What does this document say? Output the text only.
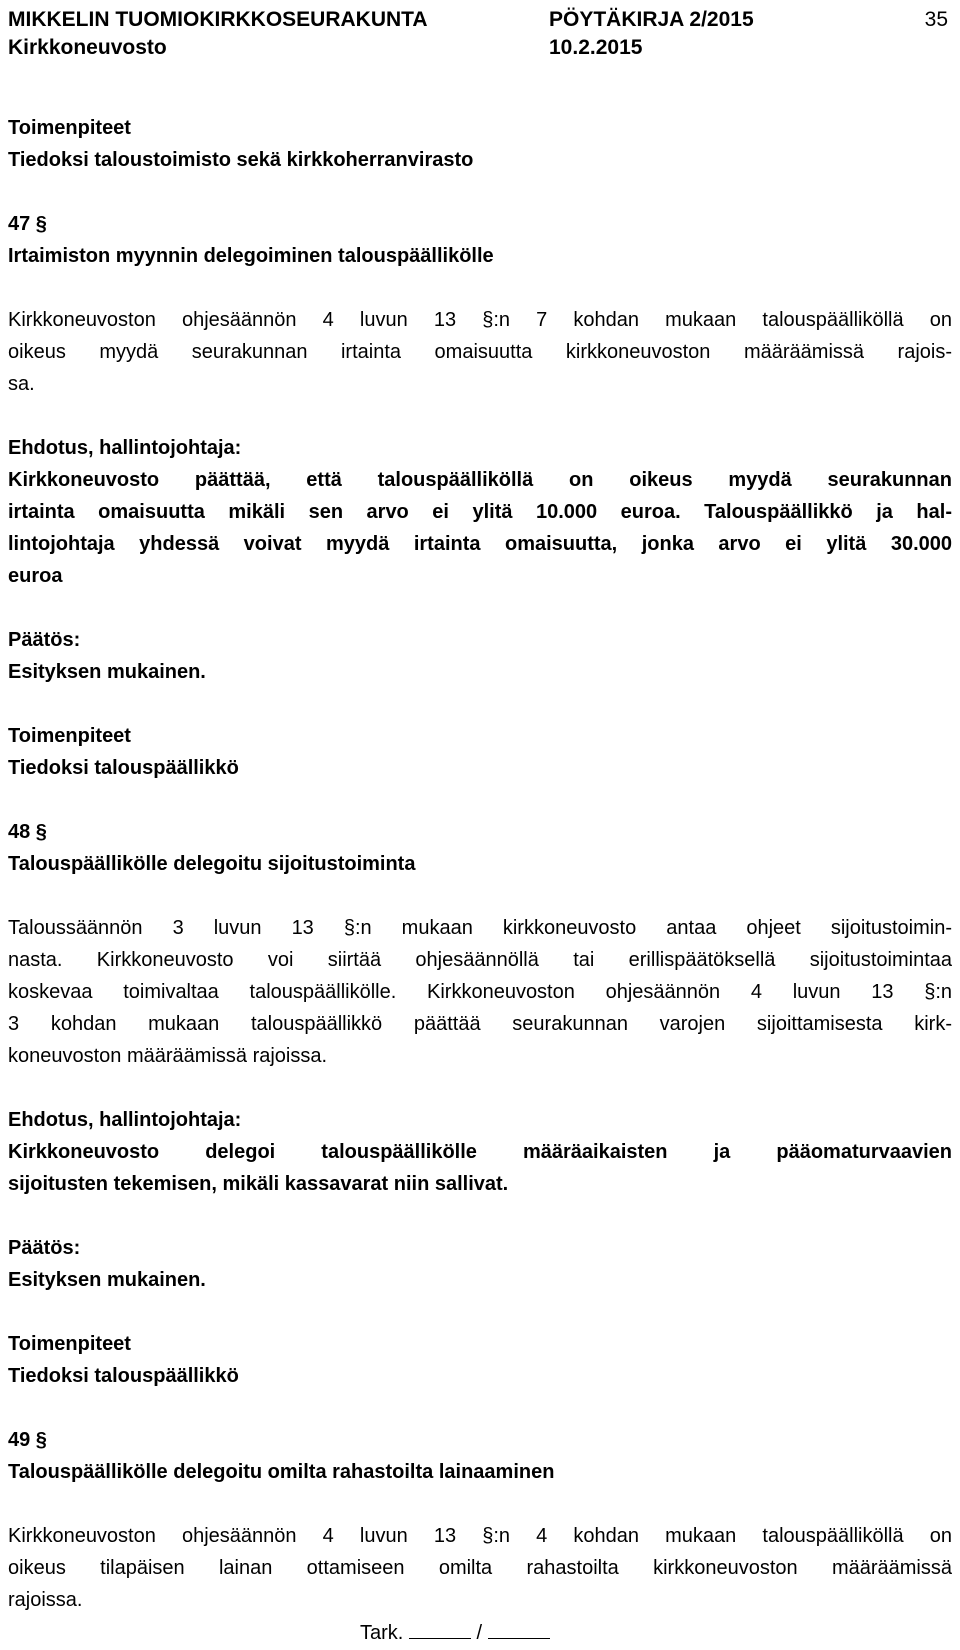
MIKKELIN TUOMIOKIRKKOSEURAKUNTA	PÖYTÄKIRJA 2/2015	35
Kirkkoneuvosto	10.2.2015
Toimenpiteet
Tiedoksi taloustoimisto sekä kirkkoherranvirasto
47 §
Irtaimiston myynnin delegoiminen talouspäällikölle
Kirkkoneuvoston ohjesäännön 4 luvun 13 §:n 7 kohdan mukaan talouspäälliköllä on
oikeus myydä seurakunnan irtainta omaisuutta kirkkoneuvoston määräämissä rajois-
sa.
Ehdotus, hallintojohtaja:
Kirkkoneuvosto päättää, että talouspäälliköllä on oikeus myydä seurakunnan
irtainta omaisuutta mikäli sen arvo ei ylitä 10.000 euroa. Talouspäällikkö ja hal-
lintojohtaja yhdessä voivat myydä irtainta omaisuutta, jonka arvo ei ylitä 30.000
euroa
Päätös:
Esityksen mukainen.
Toimenpiteet
Tiedoksi talouspäällikkö
48 §
Talouspäällikölle delegoitu sijoitustoiminta
Taloussäännön 3 luvun 13 §:n mukaan kirkkoneuvosto antaa ohjeet sijoitustoimin-
nasta. Kirkkoneuvosto voi siirtää ohjesäännöllä tai erillispäätöksellä sijoitustoimintaa
koskevaa toimivaltaa talouspäällikölle. Kirkkoneuvoston ohjesäännön 4 luvun 13 §:n
3 kohdan mukaan talouspäällikkö päättää seurakunnan varojen sijoittamisesta kirk-
koneuvoston määräämissä rajoissa.
Ehdotus, hallintojohtaja:
Kirkkoneuvosto delegoi talouspäällikölle määräaikaisten ja pääomaturvaavien
sijoitusten tekemisen, mikäli kassavarat niin sallivat.
Päätös:
Esityksen mukainen.
Toimenpiteet
Tiedoksi talouspäällikkö
49 §
Talouspäällikölle delegoitu omilta rahastoilta lainaaminen
Kirkkoneuvoston ohjesäännön 4 luvun 13 §:n 4 kohdan mukaan talouspäälliköllä on
oikeus tilapäisen lainan ottamiseen omilta rahastoilta kirkkoneuvoston määräämissä
rajoissa.
Tark.	/
